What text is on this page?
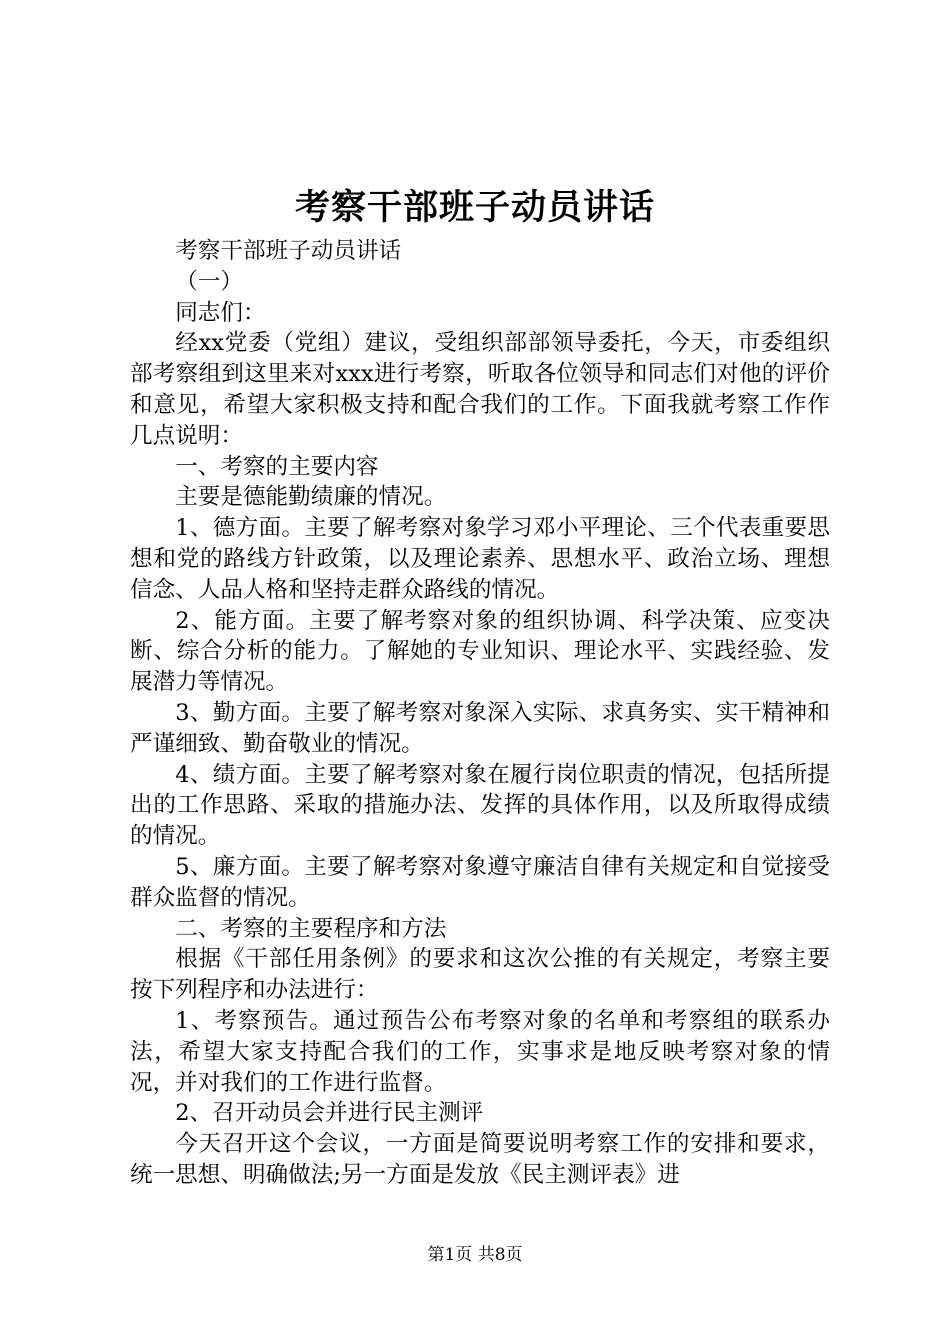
考察干部班子动员讲话

考察干部班子动员讲话

（一）

同志们：

经xx党委（党组）建议，受组织部部领导委托，今天，市委组织部考察组到这里来对xxx进行考察，听取各位领导和同志们对他的评价和意见，希望大家积极支持和配合我们的工作。下面我就考察工作作几点说明：

一、考察的主要内容

主要是德能勤绩廉的情况。

1、德方面。主要了解考察对象学习邓小平理论、三个代表重要思想和党的路线方针政策，以及理论素养、思想水平、政治立场、理想信念、人品人格和坚持走群众路线的情况。

2、能方面。主要了解考察对象的组织协调、科学决策、应变决断、综合分析的能力。了解她的专业知识、理论水平、实践经验、发展潜力等情况。

3、勤方面。主要了解考察对象深入实际、求真务实、实干精神和严谨细致、勤奋敬业的情况。

4、绩方面。主要了解考察对象在履行岗位职责的情况，包括所提出的工作思路、采取的措施办法、发挥的具体作用，以及所取得成绩的情况。

5、廉方面。主要了解考察对象遵守廉洁自律有关规定和自觉接受群众监督的情况。

二、考察的主要程序和方法

根据《干部任用条例》的要求和这次公推的有关规定，考察主要按下列程序和办法进行：

1、考察预告。通过预告公布考察对象的名单和考察组的联系办法，希望大家支持配合我们的工作，实事求是地反映考察对象的情况，并对我们的工作进行监督。

2、召开动员会并进行民主测评

今天召开这个会议，一方面是简要说明考察工作的安排和要求，统一思想、明确做法;另一方面是发放《民主测评表》进

第1页 共8页
